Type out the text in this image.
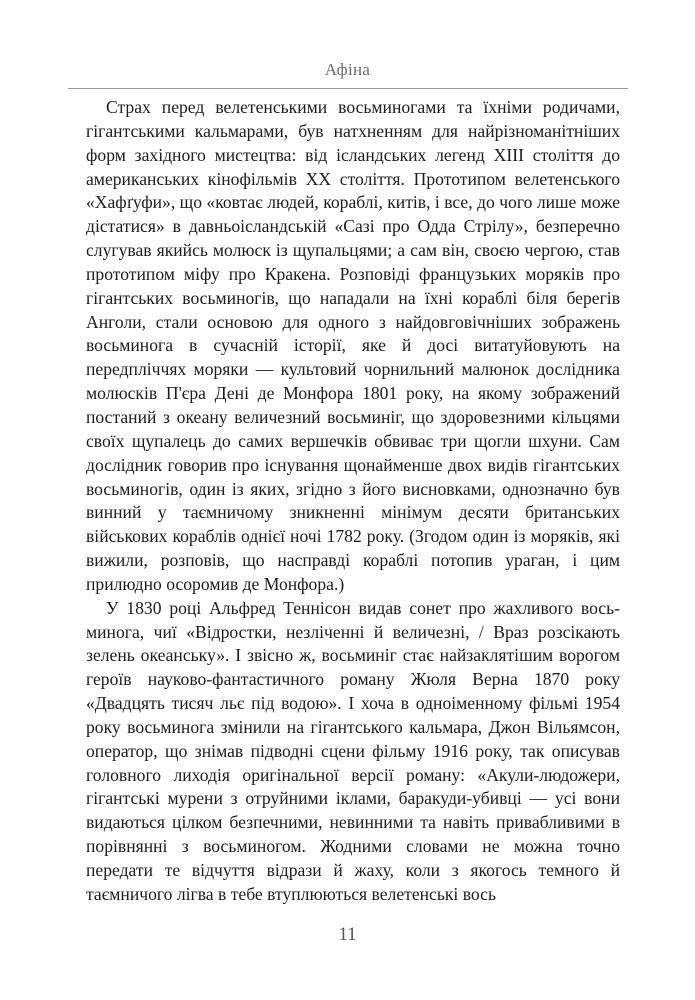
Афіна

Страх перед велетенськими восьминогами та їхніми родичами, гігантськими кальмарами, був натхненням для найрізноманітніших форм західного мистецтва: від ісландських легенд XIII століття до американських кінофільмів XX століття. Прототипом велетенського «Хафґуфи», що «ковтає людей, кораблі, китів, і все, до чого лише може дістатися» в давньоісландській «Сазі про Одда Стрілу», безперечно слугував якийсь молюск із щупальцями; а сам він, своєю чергою, став прототипом міфу про Кракена. Розповіді французьких моряків про гігантських восьминогів, що нападали на їхні кораблі біля берегів Анголи, стали основою для одного з найдовговічніших зображень восьминога в сучасній історії, яке й досі витатуйовують на передпліччях моряки — культовий чорнильний малюнок дослідника молюсків П'єра Дені де Монфора 1801 року, на якому зображений постаний з океану величезний восьминіг, що здоровезними кільцями своїх щупалець до самих вершечків обвиває три щогли шхуни. Сам дослідник говорив про існування щонайменше двох видів гігантських восьминогів, один із яких, згідно з його висновками, однозначно був винний у таємничому зникненні мінімум десяти британських військових кораблів однієї ночі 1782 року. (Згодом один із моряків, які вижили, розповів, що насправді кораблі потопив ураган, і цим прилюдно осоромив де Монфора.)

У 1830 році Альфред Теннісон видав сонет про жахливого восьминога, чиї «Відростки, незліченні й величезні, / Враз розсікають зелень океанську». І звісно ж, восьминіг стає найзаклятішим ворогом героїв науково-фантастичного роману Жюля Верна 1870 року «Двадцять тисяч льє під водою». І хоча в одноіменному фільмі 1954 року восьминога змінили на гігантського кальмара, Джон Вільямсон, оператор, що знімав підводні сцени фільму 1916 року, так описував головного лиходія оригінальної версії роману: «Акули-людожери, гігантські мурени з отруйними іклами, баракуди-убивці — усі вони видаються цілком безпечними, невинними та навіть привабливими в порівнянні з восьминогом. Жодними словами не можна точно передати те відчуття відрази й жаху, коли з якогось темного й таємничого лігва в тебе втуплюються велетенські вось

11
